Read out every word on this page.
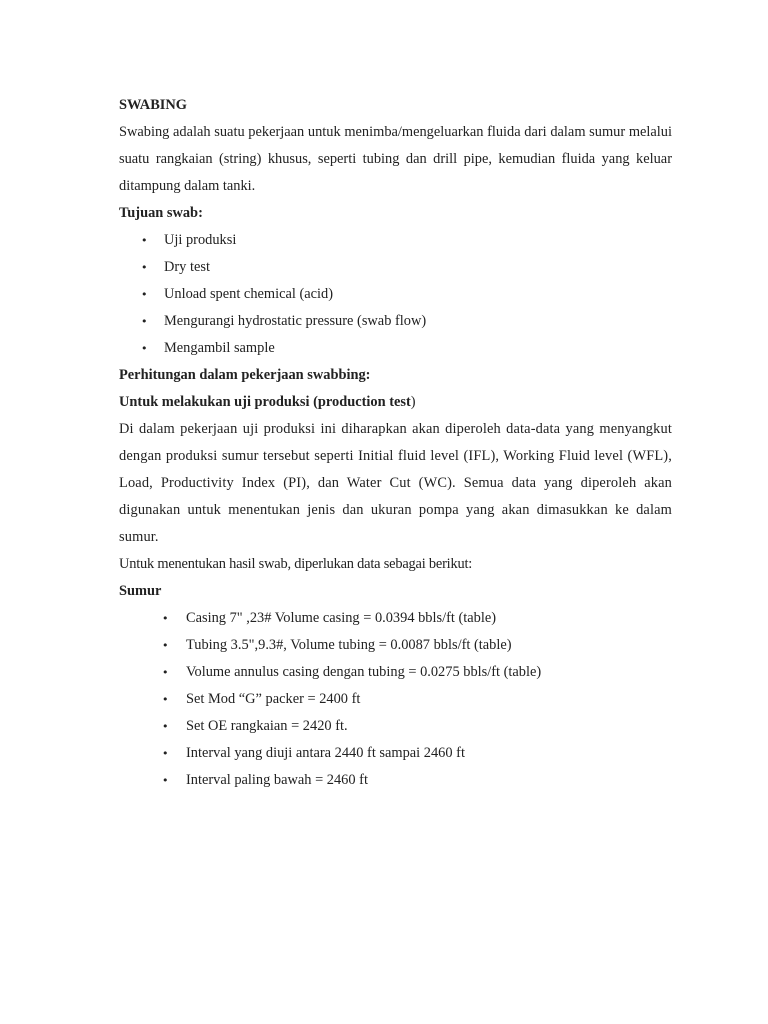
SWABING

Swabing adalah suatu pekerjaan untuk menimba/mengeluarkan fluida dari dalam sumur melalui suatu rangkaian (string) khusus, seperti tubing dan drill pipe, kemudian fluida yang keluar ditampung dalam tanki.

Tujuan swab:
• Uji produksi
• Dry test
• Unload spent chemical (acid)
• Mengurangi hydrostatic pressure (swab flow)
• Mengambil sample
Perhitungan dalam pekerjaan swabbing:
Untuk melakukan uji produksi (production test)

Di dalam pekerjaan uji produksi ini diharapkan akan diperoleh data-data yang menyangkut dengan produksi sumur tersebut seperti Initial fluid level (IFL), Working Fluid level (WFL), Load, Productivity Index (PI), dan Water Cut (WC). Semua data yang diperoleh akan digunakan untuk menentukan jenis dan ukuran pompa yang akan dimasukkan ke dalam sumur.

Untuk menentukan hasil swab, diperlukan data sebagai berikut:

Sumur
• Casing 7" ,23# Volume casing = 0.0394 bbls/ft (table)
• Tubing 3.5",9.3#, Volume tubing = 0.0087 bbls/ft (table)
• Volume annulus casing dengan tubing = 0.0275 bbls/ft (table)
• Set Mod “G” packer = 2400 ft
• Set OE rangkaian = 2420 ft.
• Interval yang diuji antara 2440 ft sampai 2460 ft
• Interval paling bawah = 2460 ft
